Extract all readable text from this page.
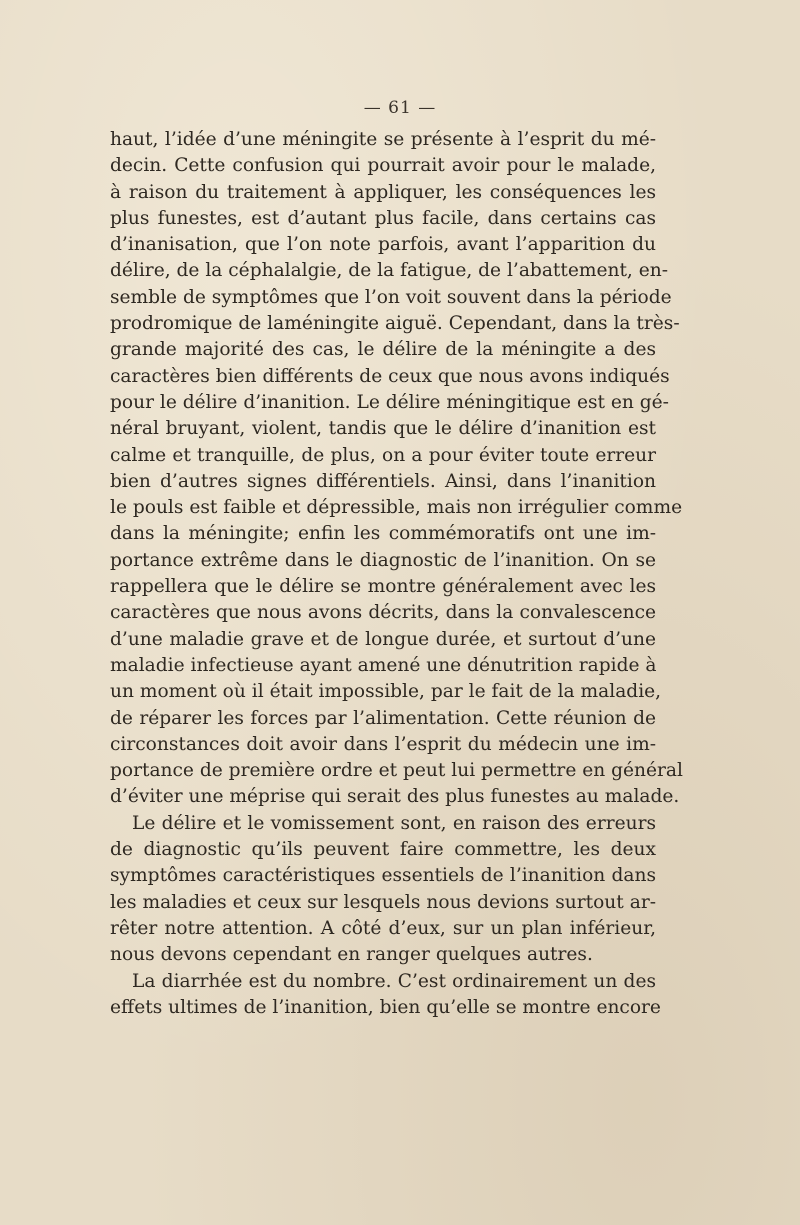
— 61 —
haut, l’idée d’une méningite se présente à l’esprit du mé-
decin. Cette confusion qui pourrait avoir pour le malade,
à raison du traitement à appliquer, les conséquences les
plus funestes, est d’autant plus facile, dans certains cas
d’inanisation, que l’on note parfois, avant l’apparition du
délire, de la céphalalgie, de la fatigue, de l’abattement, en-
semble de symptômes que l’on voit souvent dans la période
prodromique de laméningite aiguë. Cependant, dans la très-
grande majorité des cas, le délire de la méningite a des
caractères bien différents de ceux que nous avons indiqués
pour le délire d’inanition. Le délire méningitique est en gé-
néral bruyant, violent, tandis que le délire d’inanition est
calme et tranquille, de plus, on a pour éviter toute erreur
bien d’autres signes différentiels. Ainsi, dans l’inanition
le pouls est faible et dépressible, mais non irrégulier comme
dans la méningite; enfin les commémoratifs ont une im-
portance extrême dans le diagnostic de l’inanition. On se
rappellera que le délire se montre généralement avec les
caractères que nous avons décrits, dans la convalescence
d’une maladie grave et de longue durée, et surtout d’une
maladie infectieuse ayant amené une dénutrition rapide à
un moment où il était impossible, par le fait de la maladie,
de réparer les forces par l’alimentation. Cette réunion de
circonstances doit avoir dans l’esprit du médecin une im-
portance de première ordre et peut lui permettre en général
d’éviter une méprise qui serait des plus funestes au malade.
Le délire et le vomissement sont, en raison des erreurs
de diagnostic qu’ils peuvent faire commettre, les deux
symptômes caractéristiques essentiels de l’inanition dans
les maladies et ceux sur lesquels nous devions surtout ar-
rêter notre attention. A côté d’eux, sur un plan inférieur,
nous devons cependant en ranger quelques autres.
La diarrhée est du nombre. C’est ordinairement un des
effets ultimes de l’inanition, bien qu’elle se montre encore
